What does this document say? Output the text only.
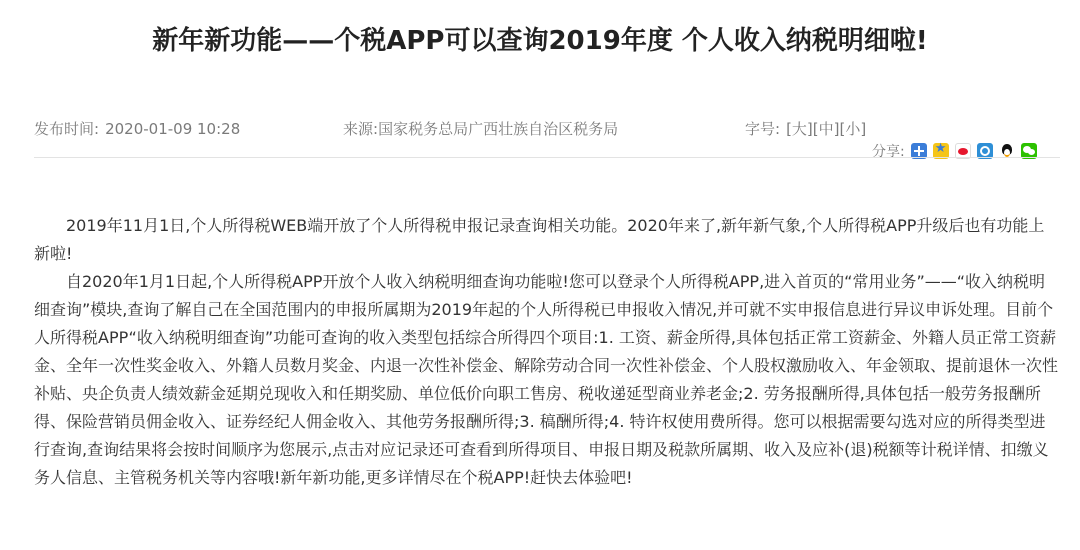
新年新功能——个税APP可以查询2019年度 个人收入纳税明细啦!
发布时间: 2020-01-09 10:28	来源:国家税务总局广西壮族自治区税务局	字号: [大][中][小]
分享:
★

2019年11月1日,个人所得税WEB端开放了个人所得税申报记录查询相关功能。2020年来了,新年新气象,个人所得税APP升级后也有功能上新啦!

自2020年1月1日起,个人所得税APP开放个人收入纳税明细查询功能啦!您可以登录个人所得税APP,进入首页的“常用业务”——“收入纳税明细查询”模块,查询了解自己在全国范围内的申报所属期为2019年起的个人所得税已申报收入情况,并可就不实申报信息进行异议申诉处理。目前个人所得税APP“收入纳税明细查询”功能可查询的收入类型包括综合所得四个项目:1. 工资、薪金所得,具体包括正常工资薪金、外籍人员正常工资薪金、全年一次性奖金收入、外籍人员数月奖金、内退一次性补偿金、解除劳动合同一次性补偿金、个人股权激励收入、年金领取、提前退休一次性补贴、央企负责人绩效薪金延期兑现收入和任期奖励、单位低价向职工售房、税收递延型商业养老金;2. 劳务报酬所得,具体包括一般劳务报酬所得、保险营销员佣金收入、证券经纪人佣金收入、其他劳务报酬所得;3. 稿酬所得;4. 特许权使用费所得。您可以根据需要勾选对应的所得类型进行查询,查询结果将会按时间顺序为您展示,点击对应记录还可查看到所得项目、申报日期及税款所属期、收入及应补(退)税额等计税详情、扣缴义务人信息、主管税务机关等内容哦!新年新功能,更多详情尽在个税APP!赶快去体验吧!
